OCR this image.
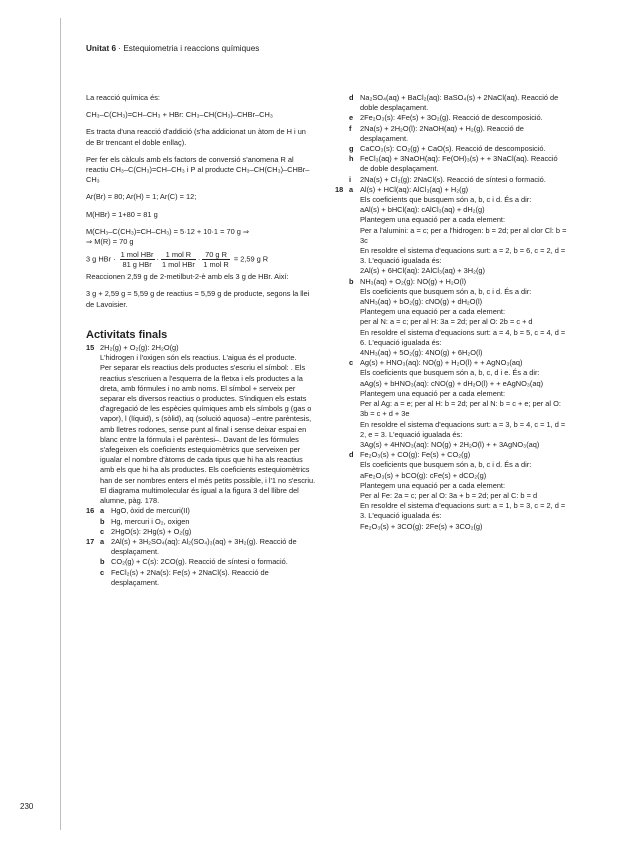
Unitat 6 · Estequiometria i reaccions químiques

La reacció química és:

CH₃–C(CH₃)=CH–CH₃ + HBr: CH₃–CH(CH₃)–CHBr–CH₃

Es tracta d'una reacció d'addició (s'ha addicionat un àtom de H i un de Br trencant el doble enllaç).

Per fer els càlculs amb els factors de conversió s'anomena R al reactiu CH₃–C(CH₃)=CH–CH₃ i P al producte CH₃–CH(CH₃)–CHBr–CH₃

Ar(Br) = 80; Ar(H) = 1; Ar(C) = 12;

M(HBr) = 1+80 = 81 g

M(CH₃–C(CH₃)=CH–CH₃) = 5·12 + 10·1 = 70 g ⇒

⇒ M(R) = 70 g

3 g HBr · $\frac{\text{1 mol HBr}}{\text{81 g HBr}} \cdot \frac{\text{1 mol R}}{\text{1 mol HBr}} \cdot \frac{\text{70 g R}}{\text{1 mol R}} = 2,59$ g R

Reaccionen 2,59 g de 2-metilbut-2-è amb els 3 g de HBr. Així:

3 g + 2,59 g = 5,59 g de reactius = 5,59 g de producte, segons la llei de Lavoisier.

Activitats finals

15 2H₂(g) + O₂(g): 2H₂O(g)

L'hidrogen i l'oxigen són els reactius. L'aigua és el producte.

Per separar els reactius dels productes s'escriu el símbol: . Els reactius s'escriuen a l'esquerra de la fletxa i els productes a la dreta, amb fórmules i no amb noms. El símbol + serveix per separar els diversos reactius o productes. S'indiquen els estats d'agregació de les espècies químiques amb els símbols g (gas o vapor), l (líquid), s (sòlid), aq (solució aquosa) –entre parèntesis, amb lletres rodones, sense punt al final i sense deixar espai en blanc entre la fórmula i el parèntesi–. Davant de les fórmules s'afegeixen els coeficients estequiomètrics que serveixen per igualar el nombre d'àtoms de cada tipus que hi ha als reactius amb els que hi ha als productes. Els coeficients estequiomètrics han de ser nombres enters el més petits possible, i l'1 no s'escriu.

El diagrama multimolecular és igual a la figura 3 del llibre del alumne, pàg. 178.

16 a HgO, òxid de mercuri(II)
b Hg, mercuri i O₂, oxigen
c 2HgO(s): 2Hg(s) + O₂(g)
17 a 2Al(s) + 3H₂SO₄(aq): Al₂(SO₄)₃(aq) + 3H₂(g). Reacció de desplaçament.
b CO₂(g) + C(s): 2CO(g). Reacció de síntesi o formació.
c FeCl₂(s) + 2Na(s): Fe(s) + 2NaCl(s). Reacció de desplaçament.
d Na₂SO₄(aq) + BaCl₂(aq): BaSO₄(s) + 2NaCl(aq). Reacció de doble desplaçament.
e 2Fe₂O₃(s): 4Fe(s) + 3O₂(g). Reacció de descomposició.
f 2Na(s) + 2H₂O(l): 2NaOH(aq) + H₂(g). Reacció de desplaçament.
g CaCO₃(s): CO₂(g) + CaO(s). Reacció de descomposició.
h FeCl₃(aq) + 3NaOH(aq): Fe(OH)₃(s) + + 3NaCl(aq). Reacció de doble desplaçament.
i 2Na(s) + Cl₂(g): 2NaCl(s). Reacció de síntesi o formació.
18 a Al(s) + HCl(aq): AlCl₃(aq) + H₂(g)

Els coeficients que busquem són a, b, c i d. És a dir:

aAl(s) + bHCl(aq): cAlCl₃(aq) + dH₂(g)

Plantegem una equació per a cada element:

Per a l'alumini: a = c; per a l'hidrogen: b = 2d; per al clor Cl: b = 3c

En resoldre el sistema d'equacions surt: a = 2, b = 6, c = 2, d = 3. L'equació igualada és:

2Al(s) + 6HCl(aq): 2AlCl₃(aq) + 3H₂(g)

b NH₃(aq) + O₂(g): NO(g) + H₂O(l)

Els coeficients que busquem són a, b, c i d. És a dir:

aNH₃(aq) + bO₂(g): cNO(g) + dH₂O(l)

Plantegem una equació per a cada element:

per al N: a = c; per al H: 3a = 2d; per al O: 2b = c + d

En resoldre el sistema d'equacions surt: a = 4, b = 5, c = 4, d = 6. L'equació igualada és:

4NH₃(aq) + 5O₂(g): 4NO(g) + 6H₂O(l)

c Ag(s) + HNO₃(aq): NO(g) + H₂O(l) + + AgNO₃(aq)

Els coeficients que busquem són a, b, c, d i e. És a dir:

aAg(s) + bHNO₃(aq): cNO(g) + dH₂O(l) + + eAgNO₃(aq)

Plantegem una equació per a cada element:

Per al Ag: a = e; per al H: b = 2d; per al N: b = c + e; per al O: 3b = c + d + 3e

En resoldre el sistema d'equacions surt: a = 3, b = 4, c = 1, d = 2, e = 3. L'equació igualada és:

3Ag(s) + 4HNO₃(aq): NO(g) + 2H₂O(l) + + 3AgNO₃(aq)

d Fe₂O₃(s) + CO(g): Fe(s) + CO₂(g)

Els coeficients que busquem són a, b, c i d. És a dir:

aFe₂O₃(s) + bCO(g): cFe(s) + dCO₂(g)

Plantegem una equació per a cada element:

Per al Fe: 2a = c; per al O: 3a + b = 2d; per al C: b = d

En resoldre el sistema d'equacions surt: a = 1, b = 3, c = 2, d = 3. L'equació igualada és:

Fe₂O₃(s) + 3CO(g): 2Fe(s) + 3CO₂(g)

230
